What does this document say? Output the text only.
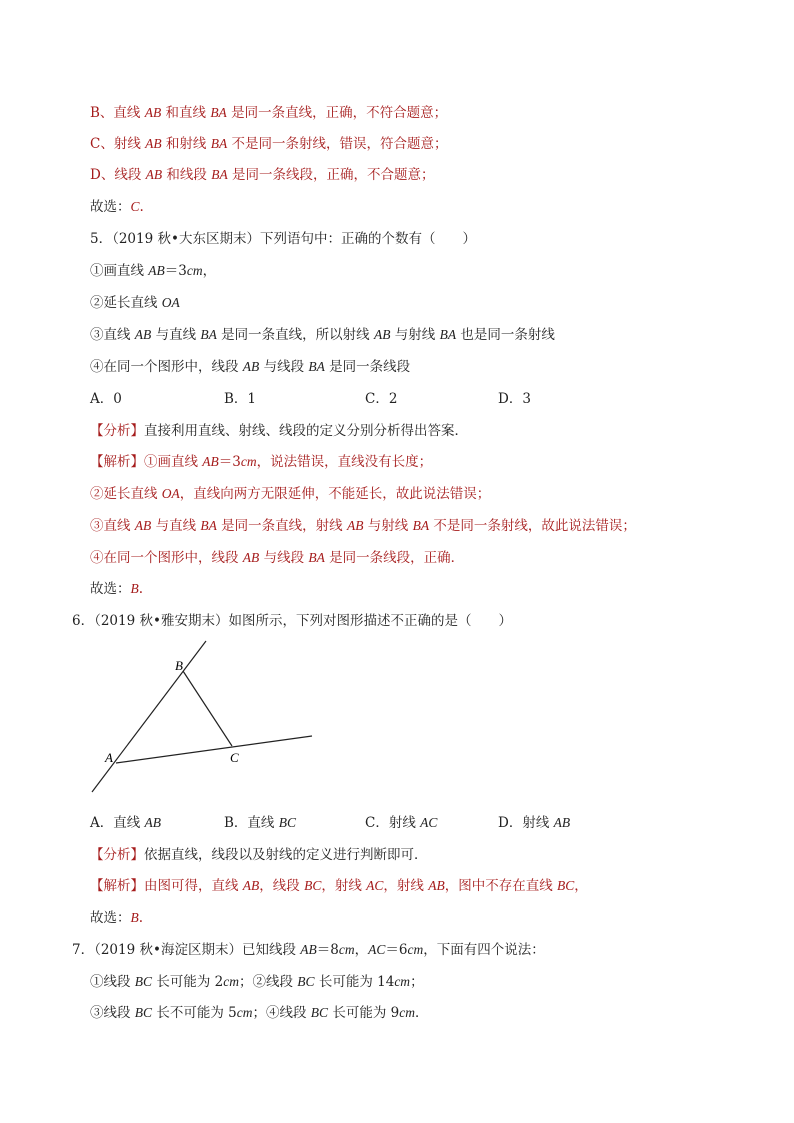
B、直线 AB 和直线 BA 是同一条直线，正确，不符合题意；
C、射线 AB 和射线 BA 不是同一条射线，错误，符合题意；
D、线段 AB 和线段 BA 是同一条线段，正确，不合题意；
故选：C.
5．（2019 秋•大东区期末）下列语句中：正确的个数有（　　）
①画直线 AB＝3cm，
②延长直线 OA
③直线 AB 与直线 BA 是同一条直线，所以射线 AB 与射线 BA 也是同一条射线
④在同一个图形中，线段 AB 与线段 BA 是同一条线段
A．0	B．1	C．2	D．3
【分析】直接利用直线、射线、线段的定义分别分析得出答案．
【解析】①画直线 AB＝3cm，说法错误，直线没有长度；
②延长直线 OA，直线向两方无限延伸，不能延长，故此说法错误；
③直线 AB 与直线 BA 是同一条直线，射线 AB 与射线 BA 不是同一条射线，故此说法错误；
④在同一个图形中，线段 AB 与线段 BA 是同一条线段，正确．
故选：B.
6．（2019 秋•雅安期末）如图所示，下列对图形描述不正确的是（　　）
B
A	C
A．直线 AB	B．直线 BC	C．射线 AC	D．射线 AB
【分析】依据直线，线段以及射线的定义进行判断即可．
【解析】由图可得，直线 AB，线段 BC，射线 AC，射线 AB，图中不存在直线 BC，
故选：B.
7．（2019 秋•海淀区期末）已知线段 AB＝8cm，AC＝6cm，下面有四个说法：
①线段 BC 长可能为 2cm；②线段 BC 长可能为 14cm；
③线段 BC 长不可能为 5cm；④线段 BC 长可能为 9cm．
